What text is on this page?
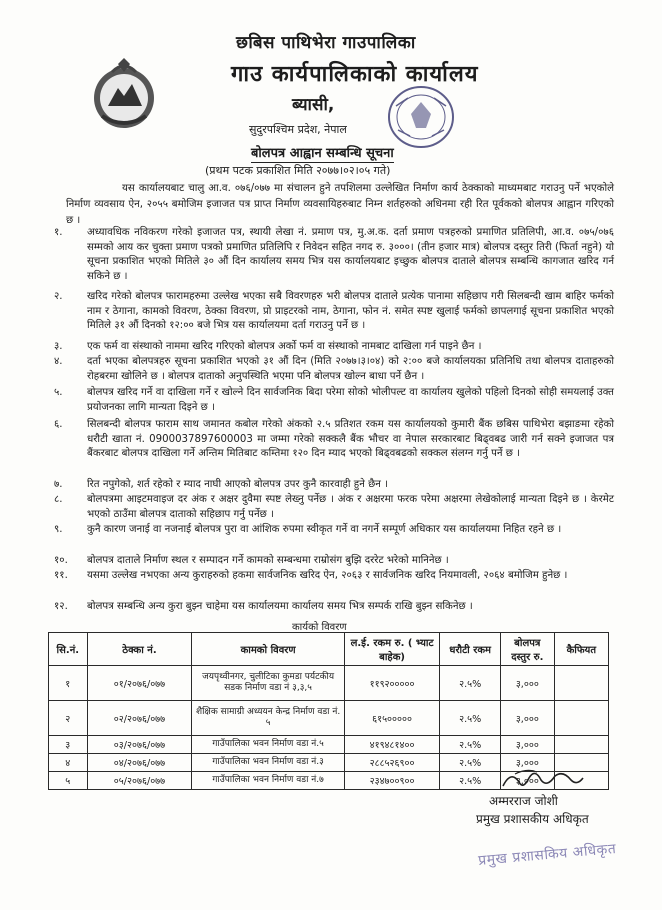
छबिस पाथिभेरा गाउपालिका
गाउ कार्यपालिकाको कार्यालय
ब्यासी,
सुदुरपश्चिम प्रदेश, नेपाल
बोलपत्र आह्वान सम्बन्धि सूचना
(प्रथम पटक प्रकाशित मिति २०७७।०२।०५ गते)
यस कार्यालयबाट चालु आ.व. ०७६/०७७ मा संचालन हुने तपशिलमा उल्लेखित निर्माण कार्य ठेक्काको माध्यमबाट गराउनु पर्ने भएकोले निर्माण व्यवसाय ऐन, २०५५ बमोजिम इजाजत पत्र प्राप्त निर्माण व्यवसायिहरुबाट निम्न शर्तहरुको अधिनमा रही रित पूर्वकको बोलपत्र आह्वान गरिएको छ ।
१.	अध्यावधिक नविकरण गरेको इजाजत पत्र, स्थायी लेखा नं. प्रमाण पत्र, मु.अ.क. दर्ता प्रमाण पत्रहरुको प्रमाणित प्रतिलिपी, आ.व. ०७५/०७६ सम्मको आय कर चुक्ता प्रमाण पत्रको प्रमाणित प्रतिलिपि र निवेदन सहित नगद रु. ३०००। (तीन हजार मात्र) बोलपत्र दस्तुर तिरी (फिर्ता नहुने) यो सूचना प्रकाशित भएको मितिले ३० औं दिन कार्यालय समय भित्र यस कार्यालयबाट इच्छुक बोलपत्र दाताले बोलपत्र सम्बन्धि कागजात खरिद गर्न सकिने छ ।
२.	खरिद गरेको बोलपत्र फारामहरुमा उल्लेख भएका सबै विवरणहरु भरी बोलपत्र दाताले प्रत्येक पानामा सहिछाप गरी सिलबन्दी खाम बाहिर फर्मको नाम र ठेगाना, कामको विवरण, ठेक्का विवरण, प्रो प्राइटरको नाम, ठेगाना, फोन नं. समेत स्पष्ट खुलाई फर्मको छापलगाई सूचना प्रकाशित भएको मितिले ३१ औं दिनको १२:०० बजे भित्र यस कार्यालयमा दर्ता गराउनु पर्ने छ ।
३.	एक फर्म वा संस्थाको नाममा खरिद गरिएको बोलपत्र अर्को फर्म वा संस्थाको नामबाट दाखिला गर्न पाइने छैन ।
४.	दर्ता भएका बोलपत्रहरु सूचना प्रकाशित भएको ३१ औं दिन (मिति २०७७।३।०४) को २:०० बजे कार्यालयका प्रतिनिधि तथा बोलपत्र दाताहरुको रोहबरमा खोलिने छ । बोलपत्र दाताको अनुपस्थिति भएमा पनि बोलपत्र खोल्न बाधा पर्ने छैन ।
५.	बोलपत्र खरिद गर्ने वा दाखिला गर्ने र खोल्ने दिन सार्वजनिक बिदा परेमा सोको भोलीपल्ट वा कार्यालय खुलेको पहिलो दिनको सोही समयलाई उक्त प्रयोजनका लागि मान्यता दिइने छ ।
६.	सिलबन्दी बोलपत्र फाराम साथ जमानत कबोल गरेको अंकको २.५ प्रतिशत रकम यस कार्यालयको कुमारी बैंक छबिस पाथिभेरा बझाङमा रहेको धरौटी खाता नं. 0900037897600003 मा जम्मा गरेको सक्कलै बैंक भौचर वा नेपाल सरकारबाट बिढ्वबढ जारी गर्न सक्ने इजाजत पत्र बैंकरबाट बोलपत्र दाखिला गर्ने अन्तिम मितिबाट कम्तिमा १२० दिन म्याद भएको बिढ्वबढको सक्कल संलग्न गर्नु पर्ने छ ।
७.	रित नपुगेको, शर्त रहेको र म्याद नाघी आएको बोलपत्र उपर कुनै कारवाही हुने छैन ।
८.	बोलपत्रमा आइटमवाइज दर अंक र अक्षर दुवैमा स्पष्ट लेख्नु पर्नेछ । अंक र अक्षरमा फरक परेमा अक्षरमा लेखेकोलाई मान्यता दिइने छ । केरमेट भएको ठाउँमा बोलपत्र दाताको सहिछाप गर्नु पर्नेछ ।
९.	कुनै कारण जनाई वा नजनाई बोलपत्र पुरा वा आंशिक रुपमा स्वीकृत गर्ने वा नगर्ने सम्पूर्ण अधिकार यस कार्यालयमा निहित रहने छ ।
१०.	बोलपत्र दाताले निर्माण स्थल र सम्पादन गर्ने कामको सम्बन्धमा राम्रोसंग बुझि दररेट भरेको मानिनेछ ।
११.	यसमा उल्लेख नभएका अन्य कुराहरुको हकमा सार्वजनिक खरिद ऐन, २०६३ र सार्वजनिक खरिद नियमावली, २०६४ बमोजिम हुनेछ ।
१२.	बोलपत्र सम्बन्धि अन्य कुरा बुझ्न चाहेमा यस कार्यालयमा कार्यालय समय भित्र सम्पर्क राखि बुझ्न सकिनेछ ।
कार्यको विवरण
सि.नं.	ठेक्का नं.	कामको विवरण	ल.ई. रकम रु. ( भ्याट बाहेक)	धरौटी रकम	बोलपत्र दस्तुर रु.	कैफियत
१	०१/२०७६/०७७	जयपृथ्वीनगर, चुलीटिका कुमडा पर्यटकीय सडक निर्माण वडा नं ३,३,५	११९२०००००	२.५%	३,०००	
२	०२/२०७६/०७७	शैक्षिक सामाग्री अध्ययन केन्द्र निर्माण वडा नं. ५	६१५०००००	२.५%	३,०००	
३	०३/२०७६/०७७	गाउँपालिका भवन निर्माण वडा नं.५	४१९४८१४००	२.५%	३,०००	
४	०४/२०७६/०७७	गाउँपालिका भवन निर्माण वडा नं.३	२८८५२६९००	२.५%	३,०००	
५	०५/२०७६/०७७	गाउँपालिका भवन निर्माण वडा नं.७	२३४७००९००	२.५%	३,०००	
अम्मरराज जोशी
प्रमुख प्रशासकीय अधिकृत
प्रमुख प्रशासकिय अधिकृत
